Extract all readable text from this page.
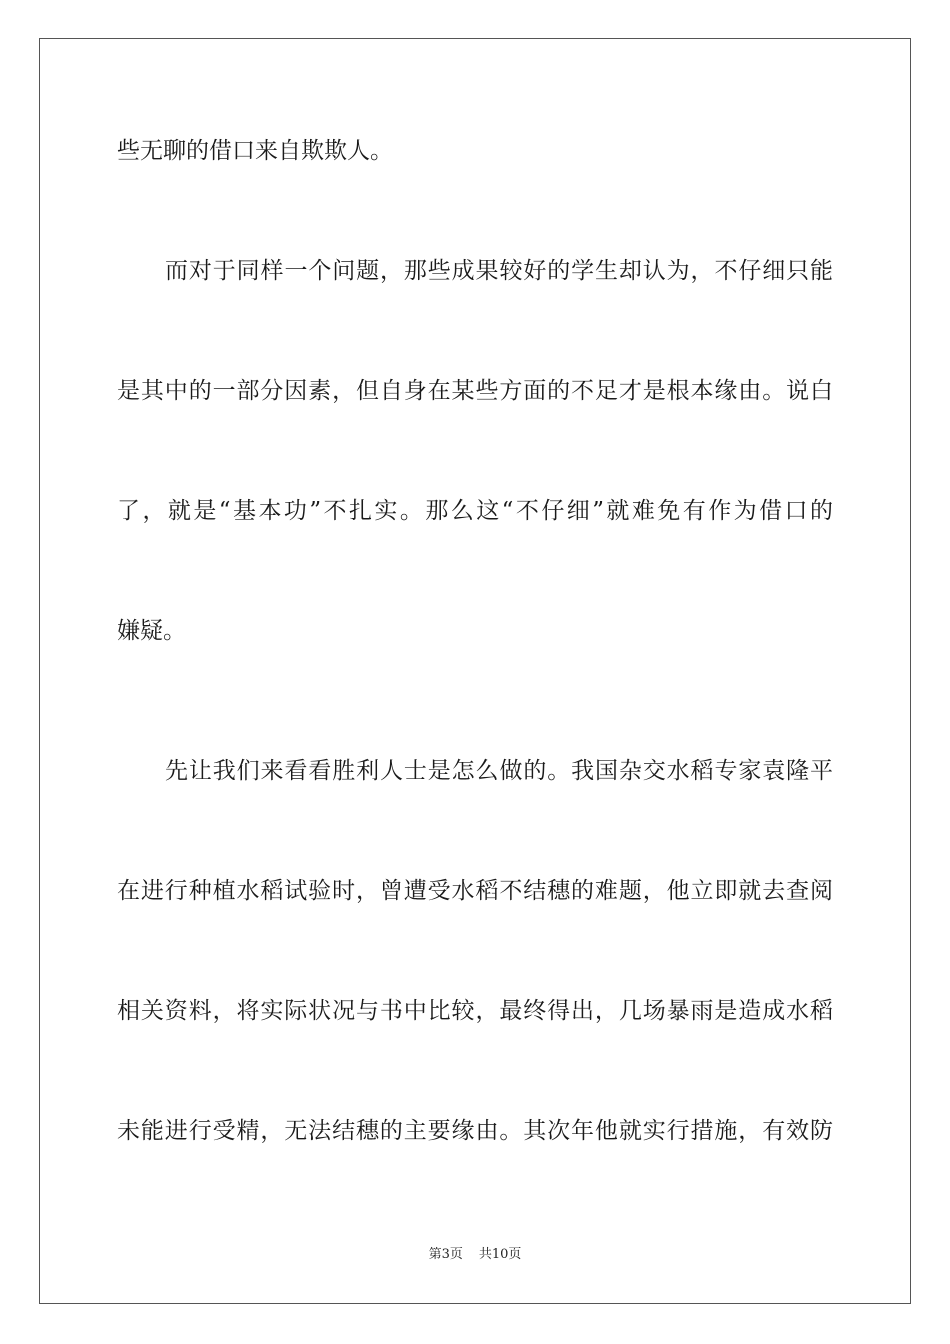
些无聊的借口来自欺欺人。
而对于同样一个问题，那些成果较好的学生却认为，不仔细只能
是其中的一部分因素，但自身在某些方面的不足才是根本缘由。说白
了，就是“基本功”不扎实。那么这“不仔细”就难免有作为借口的
嫌疑。
先让我们来看看胜利人士是怎么做的。我国杂交水稻专家袁隆平
在进行种植水稻试验时，曾遭受水稻不结穗的难题，他立即就去查阅
相关资料，将实际状况与书中比较，最终得出，几场暴雨是造成水稻
未能进行受精，无法结穗的主要缘由。其次年他就实行措施，有效防
第3页 共10页
